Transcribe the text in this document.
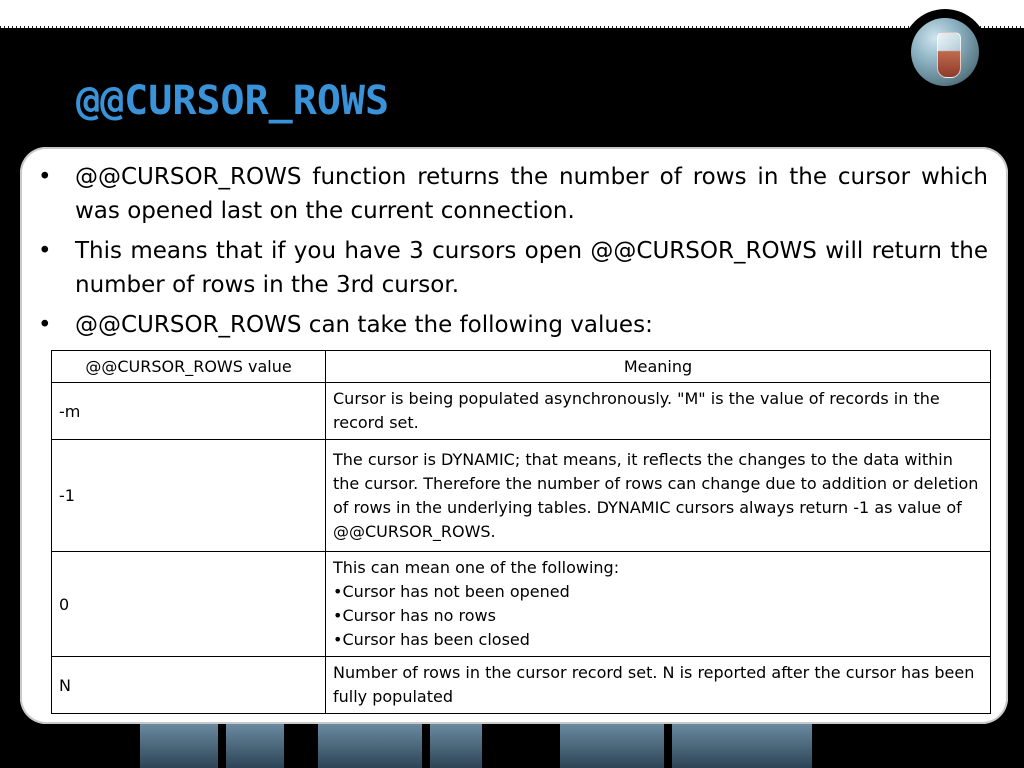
@@CURSOR_ROWS
• @@CURSOR_ROWS function returns the number of rows in the cursor which was opened last on the current connection.
• This means that if you have 3 cursors open @@CURSOR_ROWS will return the number of rows in the 3rd cursor.
• @@CURSOR_ROWS can take the following values:
@@CURSOR_ROWS value	Meaning
-m	Cursor is being populated asynchronously. "M" is the value of records in the record set.

-1	The cursor is DYNAMIC; that means, it reflects the changes to the data within the cursor. Therefore the number of rows can change due to addition or deletion of rows in the underlying tables. DYNAMIC cursors always return -1 as value of @@CURSOR_ROWS.

0	This can mean one of the following:
•Cursor has not been opened
•Cursor has no rows
•Cursor has been closed

N	Number of rows in the cursor record set. N is reported after the cursor has been fully populated
